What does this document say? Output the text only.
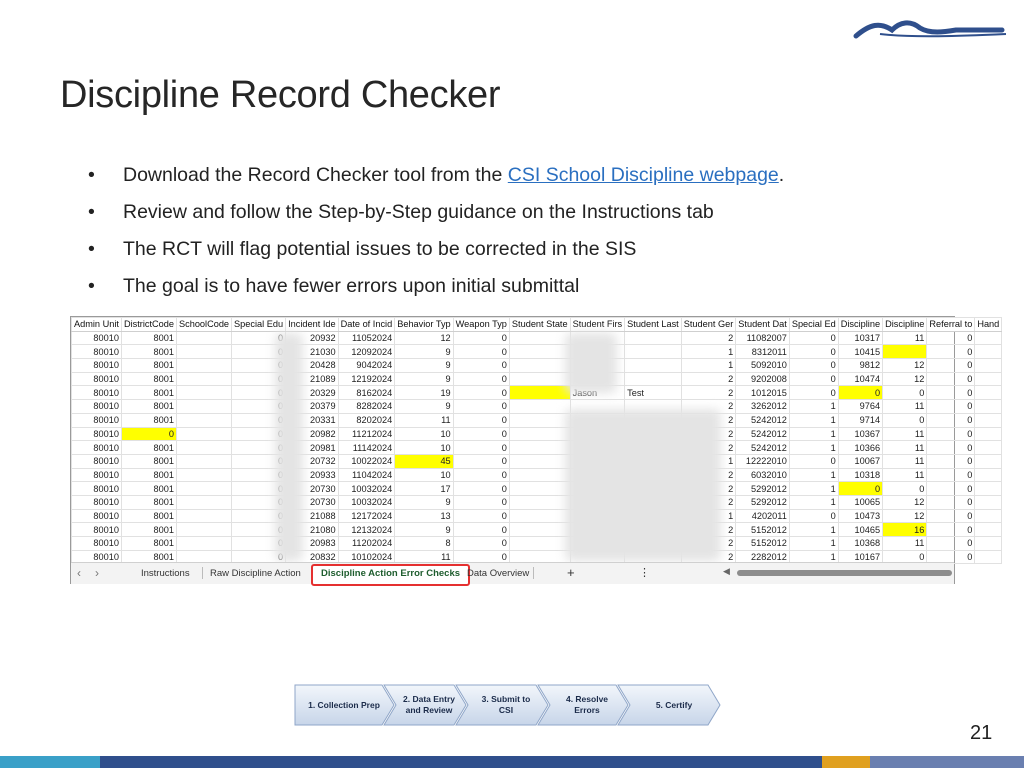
Discipline Record Checker
• Download the Record Checker tool from the CSI School Discipline webpage.
• Review and follow the Step-by-Step guidance on the Instructions tab
• The RCT will flag potential issues to be corrected in the SIS
• The goal is to have fewer errors upon initial submittal
Admin Unit	DistrictCode	SchoolCode	Special Edu	Incident Ide	Date of Incid	Behavior Typ	Weapon Typ	Student State	Student Firs	Student Last	Student Ger	Student Dat	Special Ed	Discipline	Discipline	Referral to	Hand
80010	8001			20932	11052024	12	0				2	11082007	0	10317	11	0	
80010	8001			21030	12092024	9	0				1	8312011	0	10415		0	
80010	8001			20428	9042024	9	0				1	5092010	0	9812	12	0	
80010	8001			21089	12192024	9	0				2	9202008	0	10474	12	0	
80010	8001			20329	8162024	19	0			Test	2	1012015	0	0	0	0	
80010	8001			20379	8282024	9	0				2	3262012	1	9764	11	0	
80010	8001			20331	8202024	11	0				2	5242012	1	9714	0	0	
80010	0			20982	11212024	10	0				2	5242012	1	10367	11	0	
80010	8001			20981	11142024	10	0				2	5242012	1	10366	11	0	
80010	8001			20732	10022024	45	0				1	12222010	0	10067	11	0	
80010	8001			20933	11042024	10	0				2	6032010	1	10318	11	0	
80010	8001			20730	10032024	17	0				2	5292012	1	0	0	0	
80010	8001			20730	10032024	9	0				2	5292012	1	10065	12	0	
80010	8001			21088	12172024	13	0				1	4202011	0	10473	12	0	
80010	8001			21080	12132024	9	0				2	5152012	1	10465	16	0	
80010	8001			20983	11202024	8	0				2	5152012	1	10368	11	0	
80010	8001			20832	10102024	11	0				2	2282012	1	10167	0	0	
‹ ›	Instructions Raw Discipline Action	Discipline Action Error Checks Data Overview	+	⋮	◀
1. Collection Prep
2. Data Entry
and Review
3. Submit to
CSI
4. Resolve
Errors	5. Certify
21
